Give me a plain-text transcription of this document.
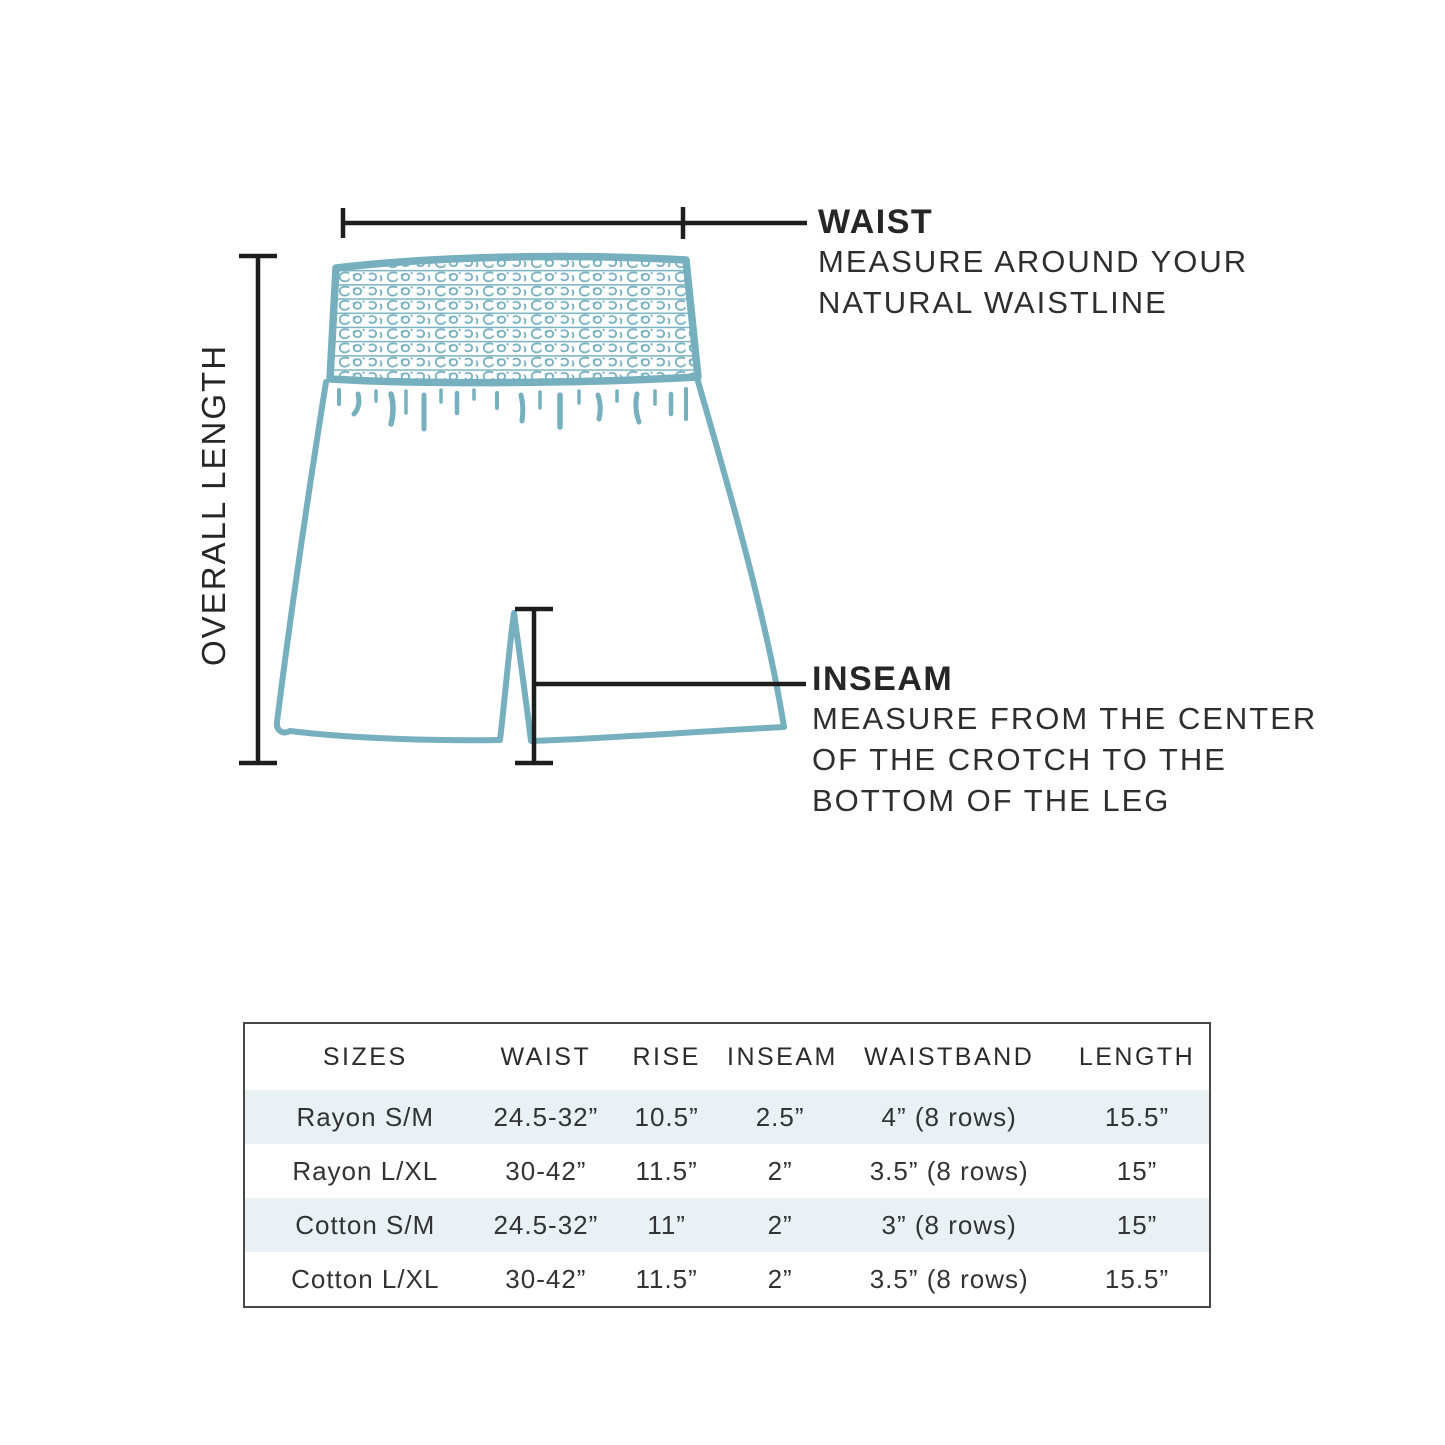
OVERALL LENGTH
WAIST
MEASURE AROUND YOUR
NATURAL WAISTLINE
INSEAM
MEASURE FROM THE CENTER
OF THE CROTCH TO THE
BOTTOM OF THE LEG
SIZES	WAIST	RISE	INSEAM	WAISTBAND	LENGTH
Rayon S/M	24.5-32”	10.5”	2.5”	4” (8 rows)	15.5”
Rayon L/XL	30-42”	11.5”	2”	3.5” (8 rows)	15”
Cotton S/M	24.5-32”	11”	2”	3” (8 rows)	15”
Cotton L/XL	30-42”	11.5”	2”	3.5” (8 rows)	15.5”
